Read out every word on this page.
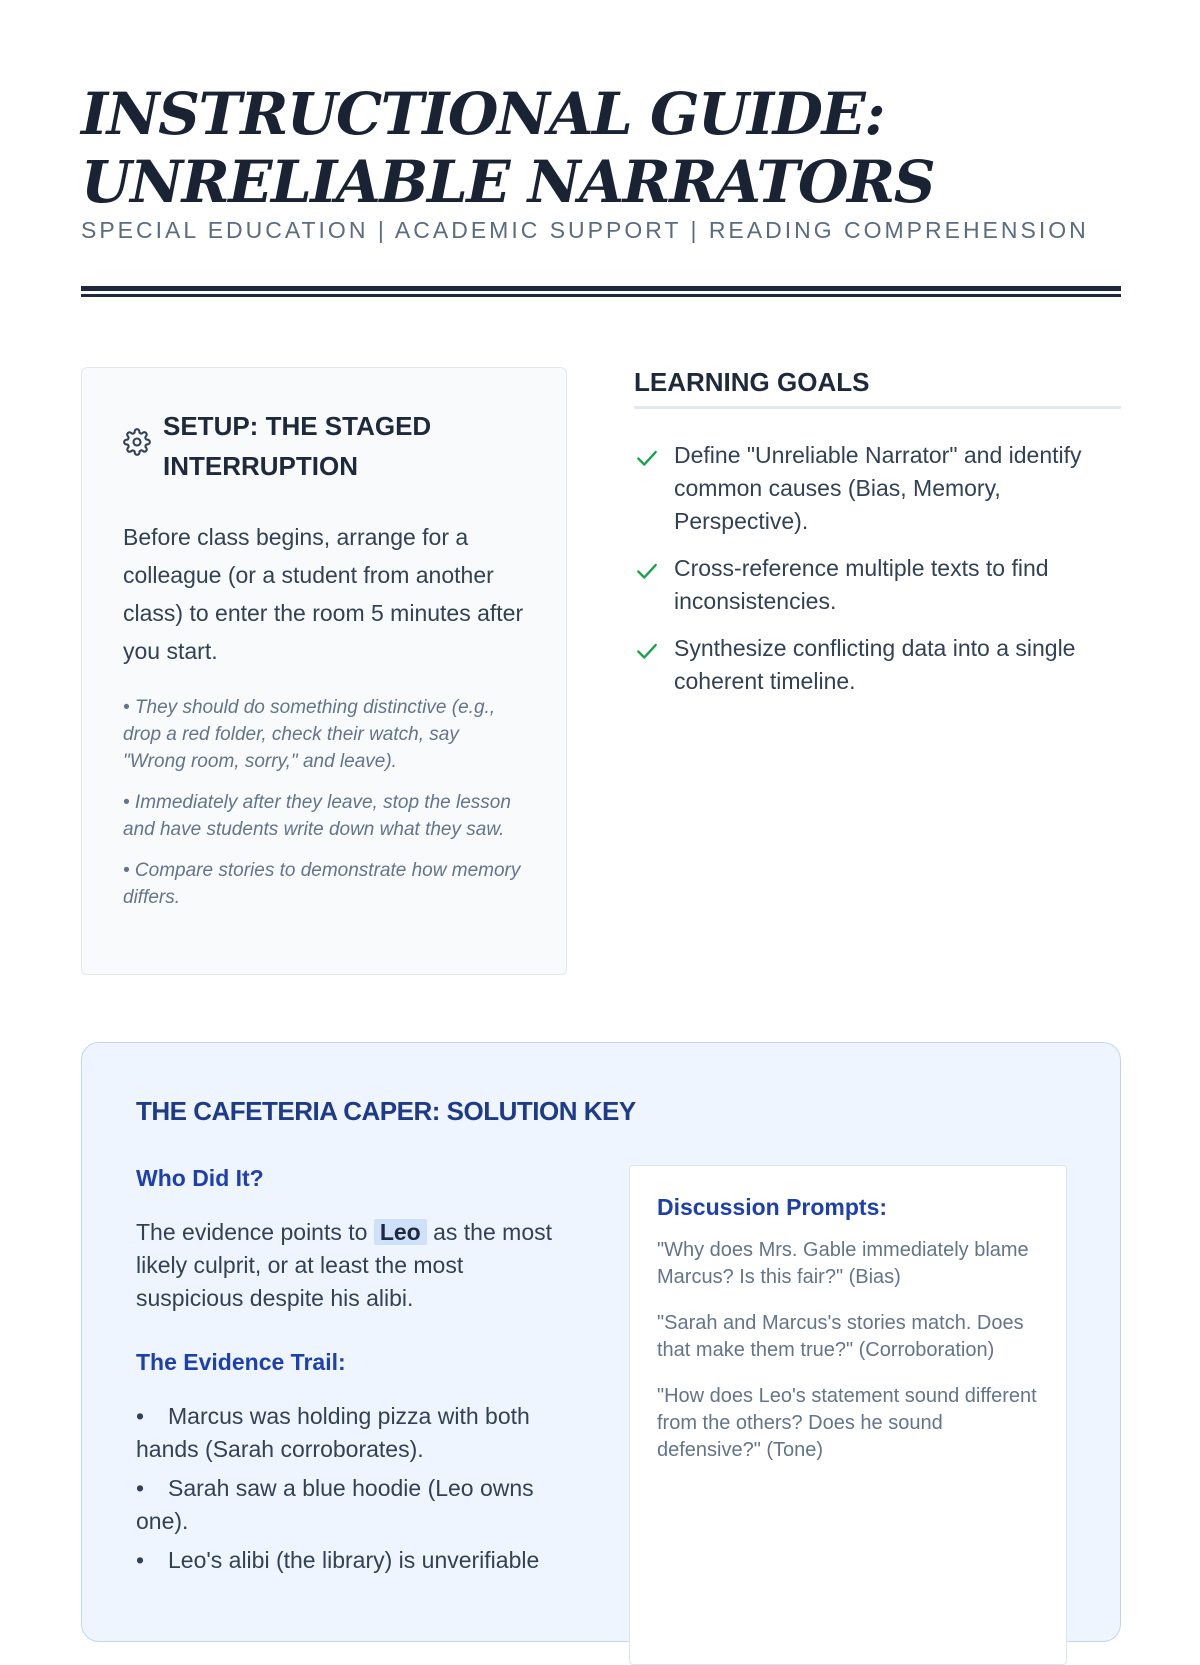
INSTRUCTIONAL GUIDE:
UNRELIABLE NARRATORS
SPECIAL EDUCATION | ACADEMIC SUPPORT | READING COMPREHENSION
SETUP: THE STAGED INTERRUPTION
Before class begins, arrange for a colleague (or a student from another class) to enter the room 5 minutes after you start.
• They should do something distinctive (e.g., drop a red folder, check their watch, say "Wrong room, sorry," and leave).
• Immediately after they leave, stop the lesson and have students write down what they saw.
• Compare stories to demonstrate how memory differs.
LEARNING GOALS
Define "Unreliable Narrator" and identify common causes (Bias, Memory, Perspective).
Cross-reference multiple texts to find inconsistencies.
Synthesize conflicting data into a single coherent timeline.
THE CAFETERIA CAPER: SOLUTION KEY
Who Did It?
The evidence points to Leo as the most likely culprit, or at least the most suspicious despite his alibi.
The Evidence Trail:
• Marcus was holding pizza with both hands (Sarah corroborates).
• Sarah saw a blue hoodie (Leo owns one).
• Leo's alibi (the library) is unverifiable
Discussion Prompts:
"Why does Mrs. Gable immediately blame Marcus? Is this fair?" (Bias)
"Sarah and Marcus's stories match. Does that make them true?" (Corroboration)
"How does Leo's statement sound different from the others? Does he sound defensive?" (Tone)
